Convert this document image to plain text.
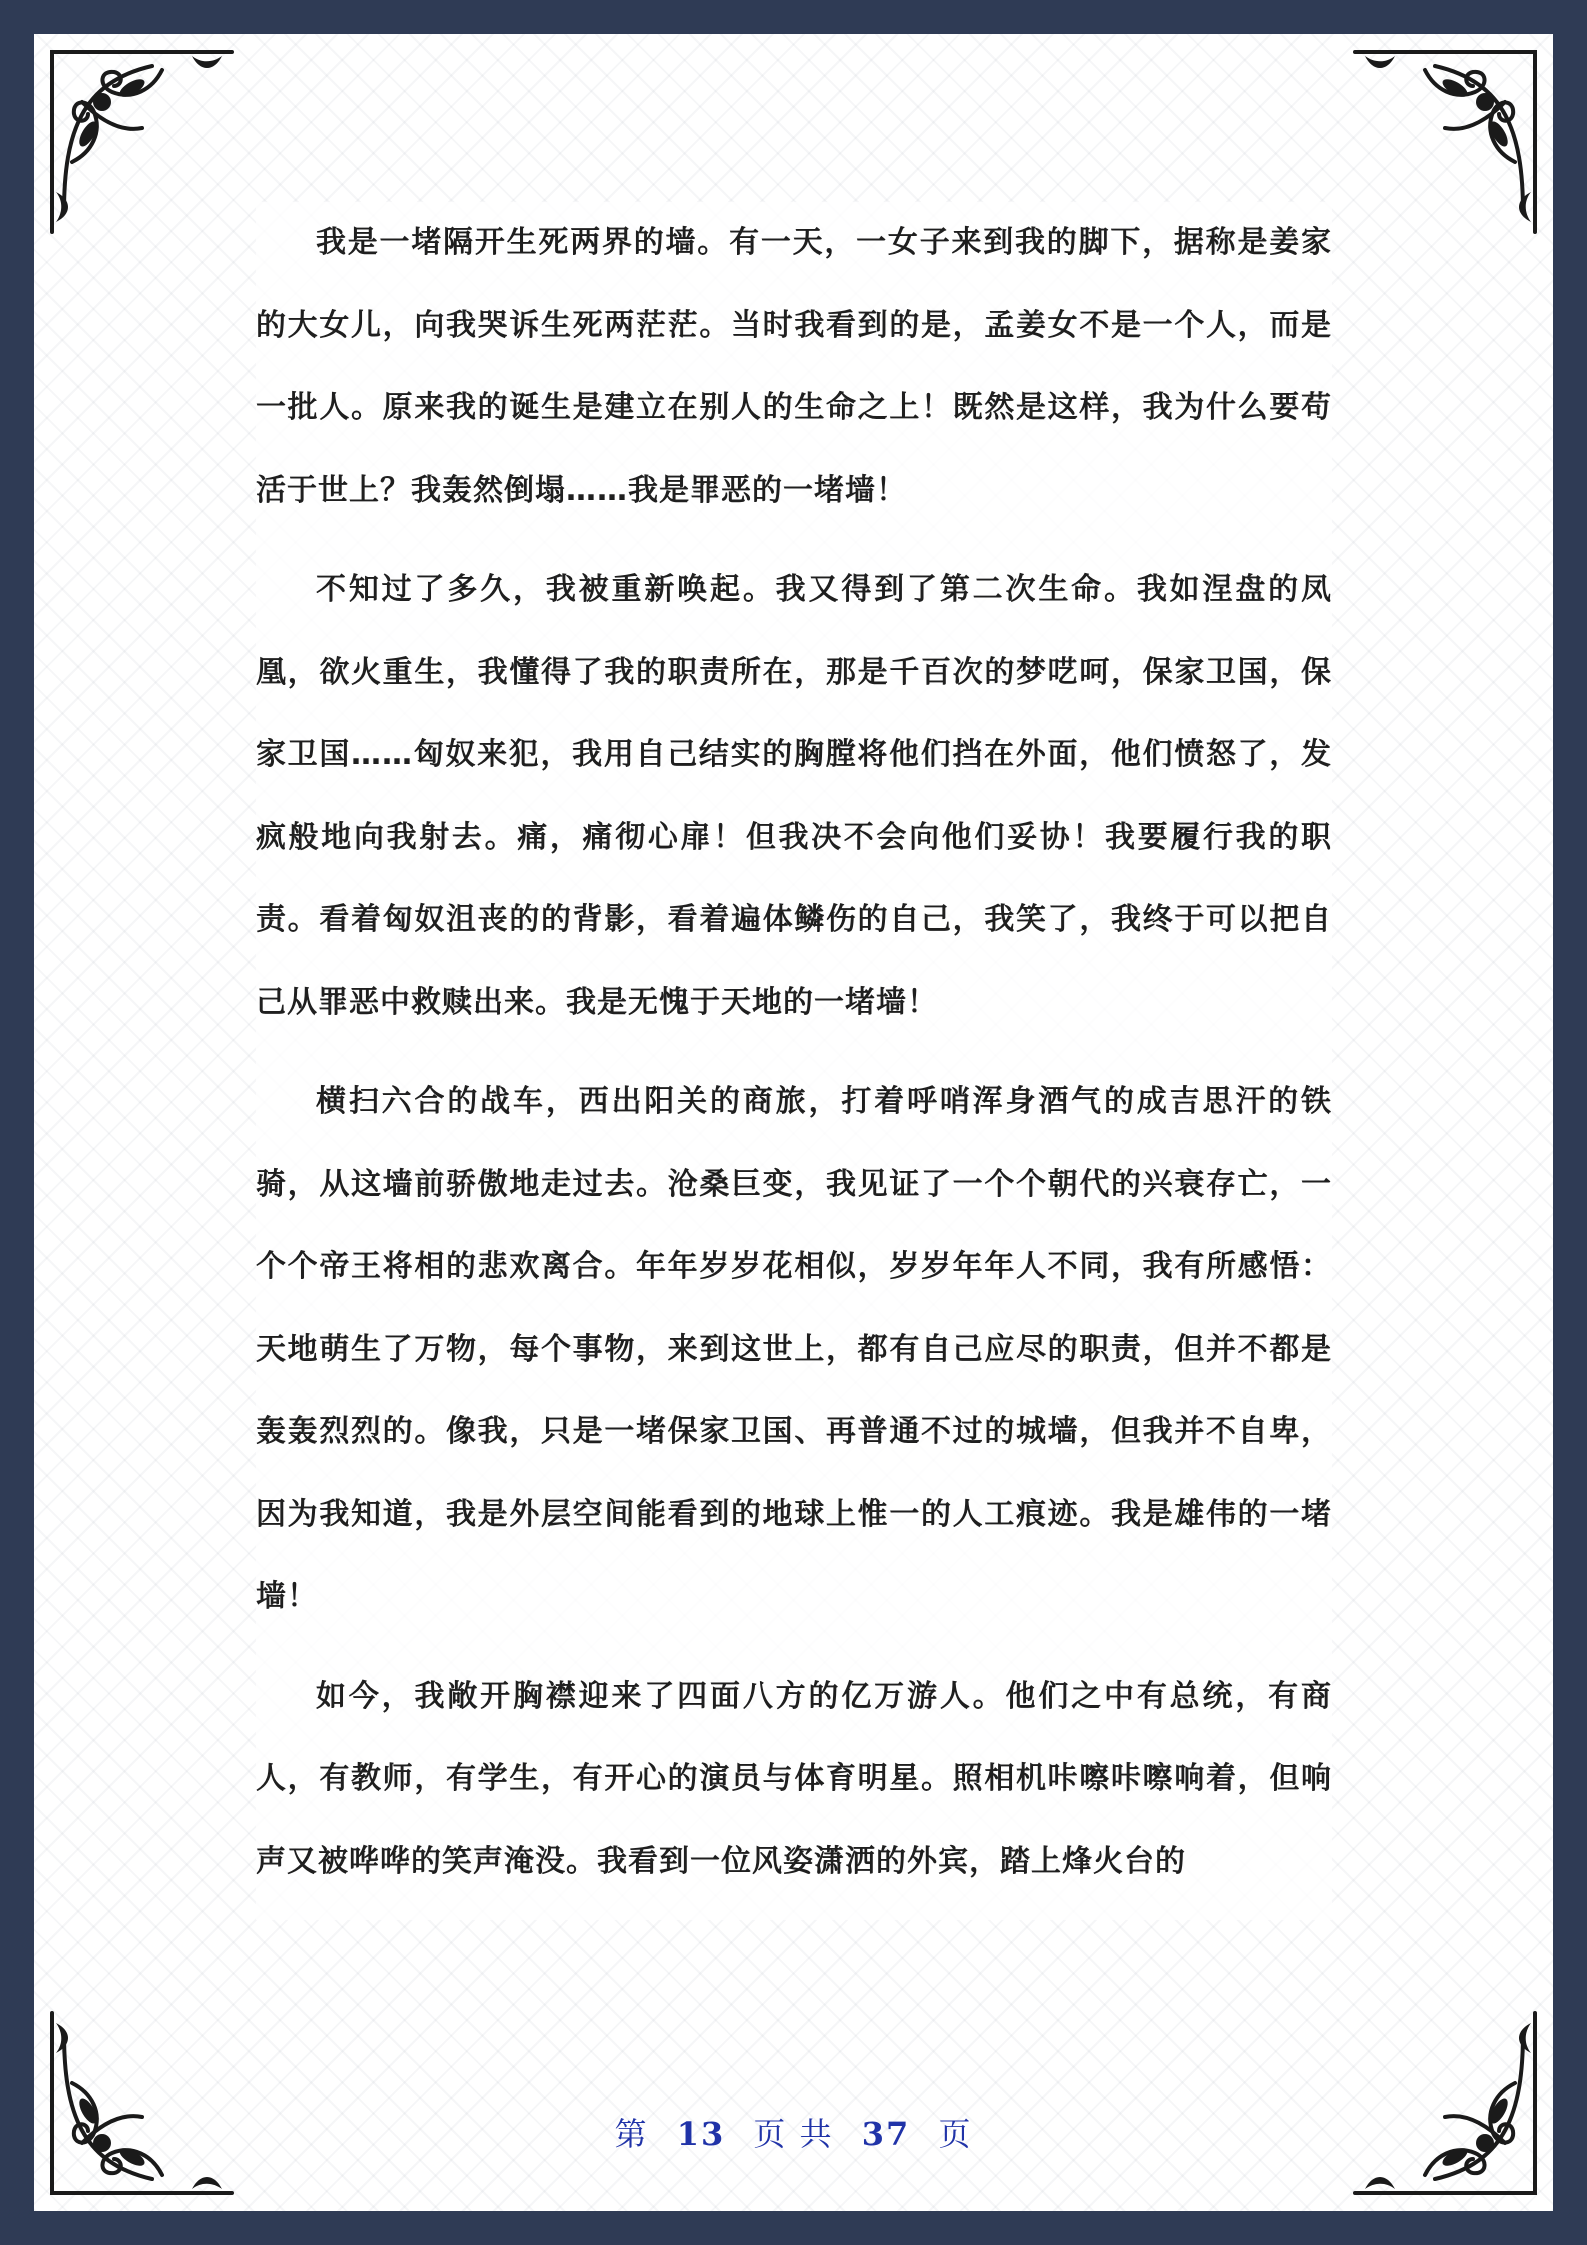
我是一堵隔开生死两界的墙。有一天，一女子来到我的脚下，据称是姜家的大女儿，向我哭诉生死两茫茫。当时我看到的是，孟姜女不是一个人，而是一批人。原来我的诞生是建立在别人的生命之上！既然是这样，我为什么要苟活于世上？我轰然倒塌……我是罪恶的一堵墙！

不知过了多久，我被重新唤起。我又得到了第二次生命。我如涅盘的凤凰，欲火重生，我懂得了我的职责所在，那是千百次的梦呓呵，保家卫国，保家卫国……匈奴来犯，我用自己结实的胸膛将他们挡在外面，他们愤怒了，发疯般地向我射去。痛，痛彻心扉！但我决不会向他们妥协！我要履行我的职责。看着匈奴沮丧的的背影，看着遍体鳞伤的自己，我笑了，我终于可以把自己从罪恶中救赎出来。我是无愧于天地的一堵墙！

横扫六合的战车，西出阳关的商旅，打着呼哨浑身酒气的成吉思汗的铁骑，从这墙前骄傲地走过去。沧桑巨变，我见证了一个个朝代的兴衰存亡，一个个帝王将相的悲欢离合。年年岁岁花相似，岁岁年年人不同，我有所感悟：天地萌生了万物，每个事物，来到这世上，都有自己应尽的职责，但并不都是轰轰烈烈的。像我，只是一堵保家卫国、再普通不过的城墙，但我并不自卑，因为我知道，我是外层空间能看到的地球上惟一的人工痕迹。我是雄伟的一堵墙！

如今，我敞开胸襟迎来了四面八方的亿万游人。他们之中有总统，有商人，有教师，有学生，有开心的演员与体育明星。照相机咔嚓咔嚓响着，但响声又被哗哗的笑声淹没。我看到一位风姿潇洒的外宾，踏上烽火台的

第 13 页 共 37 页
